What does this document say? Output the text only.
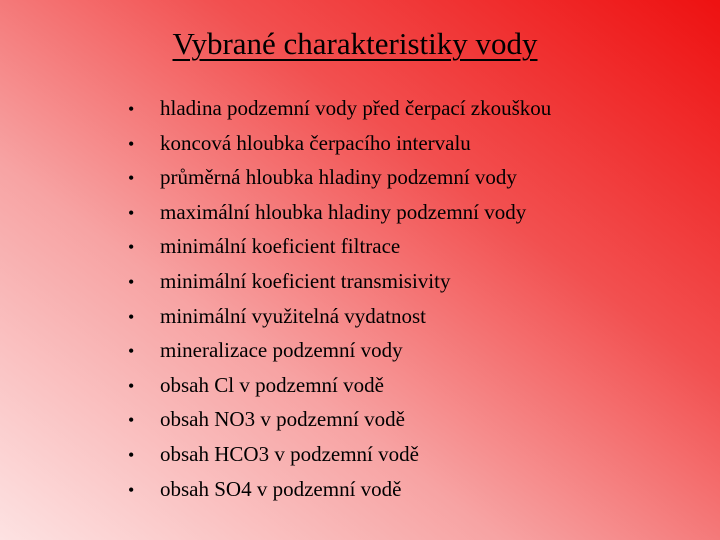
Vybrané charakteristiky vody
• hladina podzemní vody před čerpací zkouškou
• koncová hloubka čerpacího intervalu
• průměrná hloubka hladiny podzemní vody
• maximální hloubka hladiny podzemní vody
• minimální koeficient filtrace
• minimální koeficient transmisivity
• minimální využitelná vydatnost
• mineralizace podzemní vody
• obsah Cl v podzemní vodě
• obsah NO3 v podzemní vodě
• obsah HCO3 v podzemní vodě
• obsah SO4 v podzemní vodě
